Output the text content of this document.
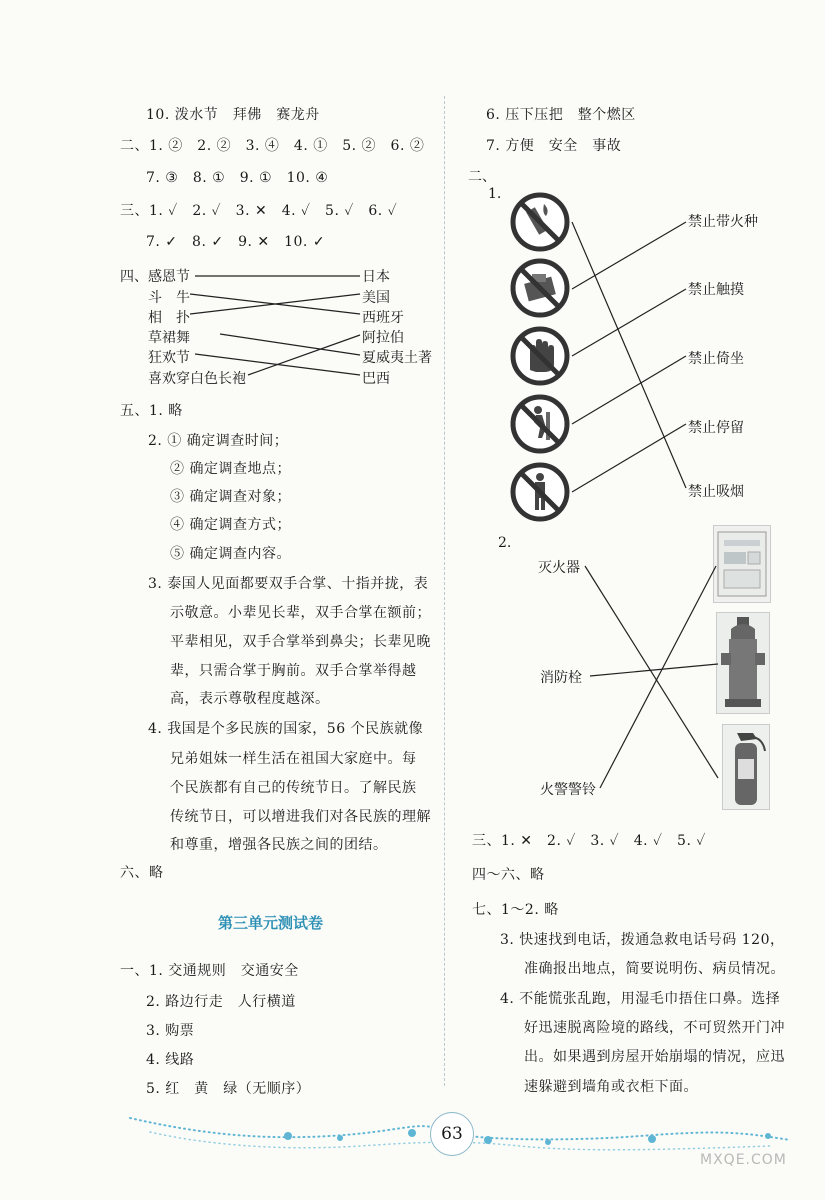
10. 泼水节　拜佛　赛龙舟
二、1. ②　2. ②　3. ④　4. ①　5. ②　6. ②
7. ③　8. ①　9. ①　10. ④
三、1. ✓　2. ✓　3. ✕　4. ✓　5. ✓　6. ✓
7. ✓　8. ✓　9. ✕　10. ✓
四、 感恩节
斗　牛
相　扑
草裙舞
狂欢节
喜欢穿白色长袍
日本
美国
西班牙
阿拉伯
夏威夷土著
巴西
五、1. 略
2. ① 确定调查时间；
② 确定调查地点；
③ 确定调查对象；
④ 确定调查方式；
⑤ 确定调查内容。
3. 泰国人见面都要双手合掌、十指并拢，表
示敬意。小辈见长辈，双手合掌在额前；
平辈相见，双手合掌举到鼻尖；长辈见晚
辈，只需合掌于胸前。双手合掌举得越
高，表示尊敬程度越深。
4. 我国是个多民族的国家，56 个民族就像
兄弟姐妹一样生活在祖国大家庭中。每
个民族都有自己的传统节日。了解民族
传统节日，可以增进我们对各民族的理解
和尊重，增强各民族之间的团结。
六、略
第三单元测试卷
一、1. 交通规则　交通安全
2. 路边行走　人行横道
3. 购票
4. 线路
5. 红　黄　绿（无顺序）
6. 压下压把　整个燃区
7. 方便　安全　事故
二、
1.
禁止带火种
禁止触摸
禁止倚坐
禁止停留
禁止吸烟
2.
灭火器
消防栓
火警警铃
三、1. ✕　2. ✓　3. ✓　4. ✓　5. ✓
四～六、略
七、1～2. 略
3. 快速找到电话，拨通急救电话号码 120，
准确报出地点，简要说明伤、病员情况。
4. 不能慌张乱跑，用湿毛巾捂住口鼻。选择
好迅速脱离险境的路线，不可贸然开门冲
出。如果遇到房屋开始崩塌的情况，应迅
速躲避到墙角或衣柜下面。
63
MXQE.COM
